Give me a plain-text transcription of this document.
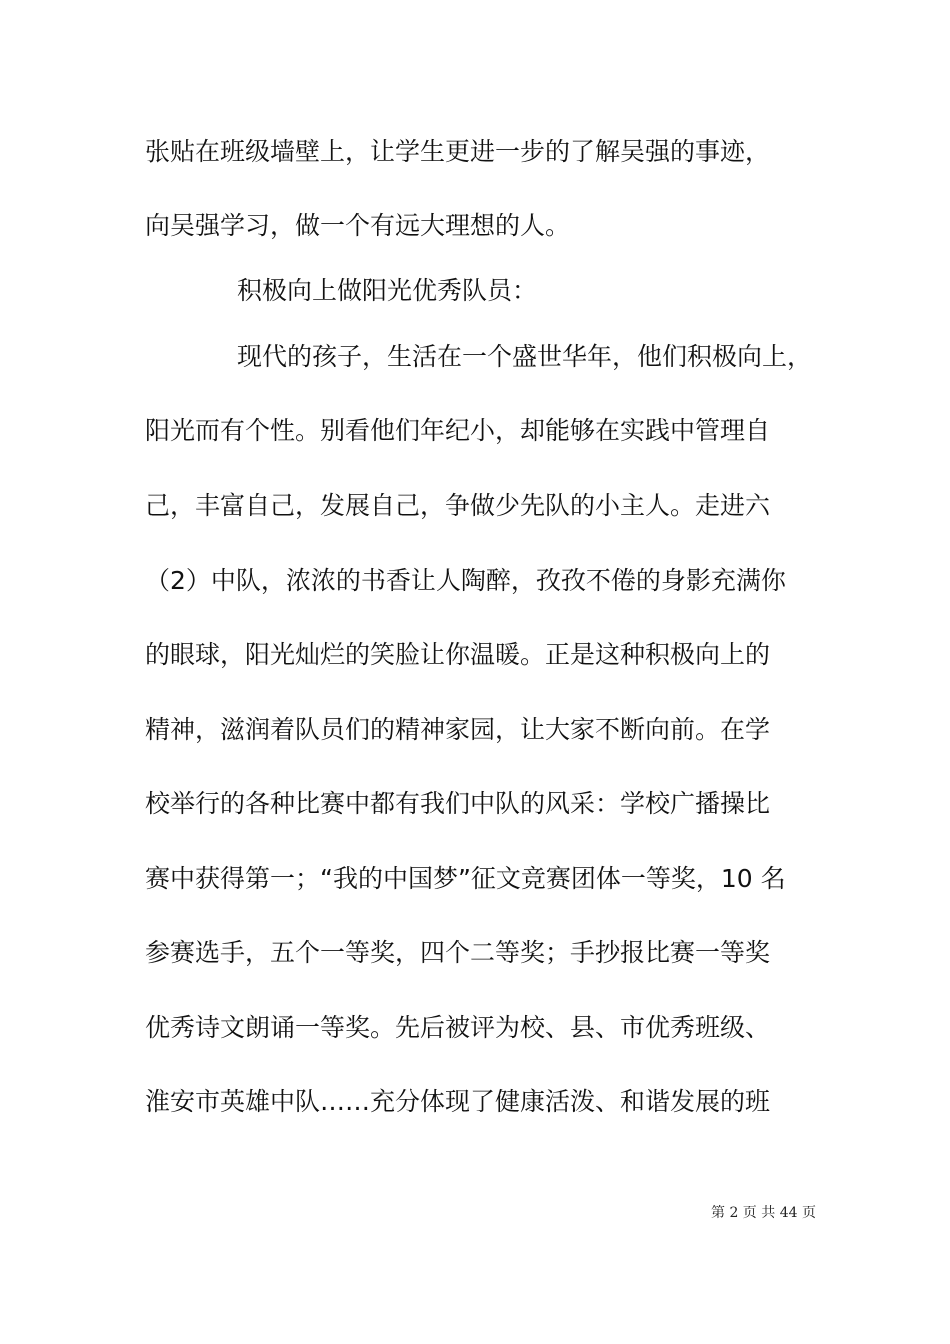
张贴在班级墙壁上，让学生更进一步的了解吴强的事迹，
向吴强学习，做一个有远大理想的人。
积极向上做阳光优秀队员：
现代的孩子，生活在一个盛世华年，他们积极向上，
阳光而有个性。别看他们年纪小，却能够在实践中管理自
己，丰富自己，发展自己，争做少先队的小主人。走进六
（2）中队，浓浓的书香让人陶醉，孜孜不倦的身影充满你
的眼球，阳光灿烂的笑脸让你温暖。正是这种积极向上的
精神，滋润着队员们的精神家园，让大家不断向前。在学
校举行的各种比赛中都有我们中队的风采：学校广播操比
赛中获得第一；“我的中国梦”征文竞赛团体一等奖，10 名
参赛选手，五个一等奖，四个二等奖；手抄报比赛一等奖
优秀诗文朗诵一等奖。先后被评为校、县、市优秀班级、
淮安市英雄中队……充分体现了健康活泼、和谐发展的班
第 2 页 共 44 页
